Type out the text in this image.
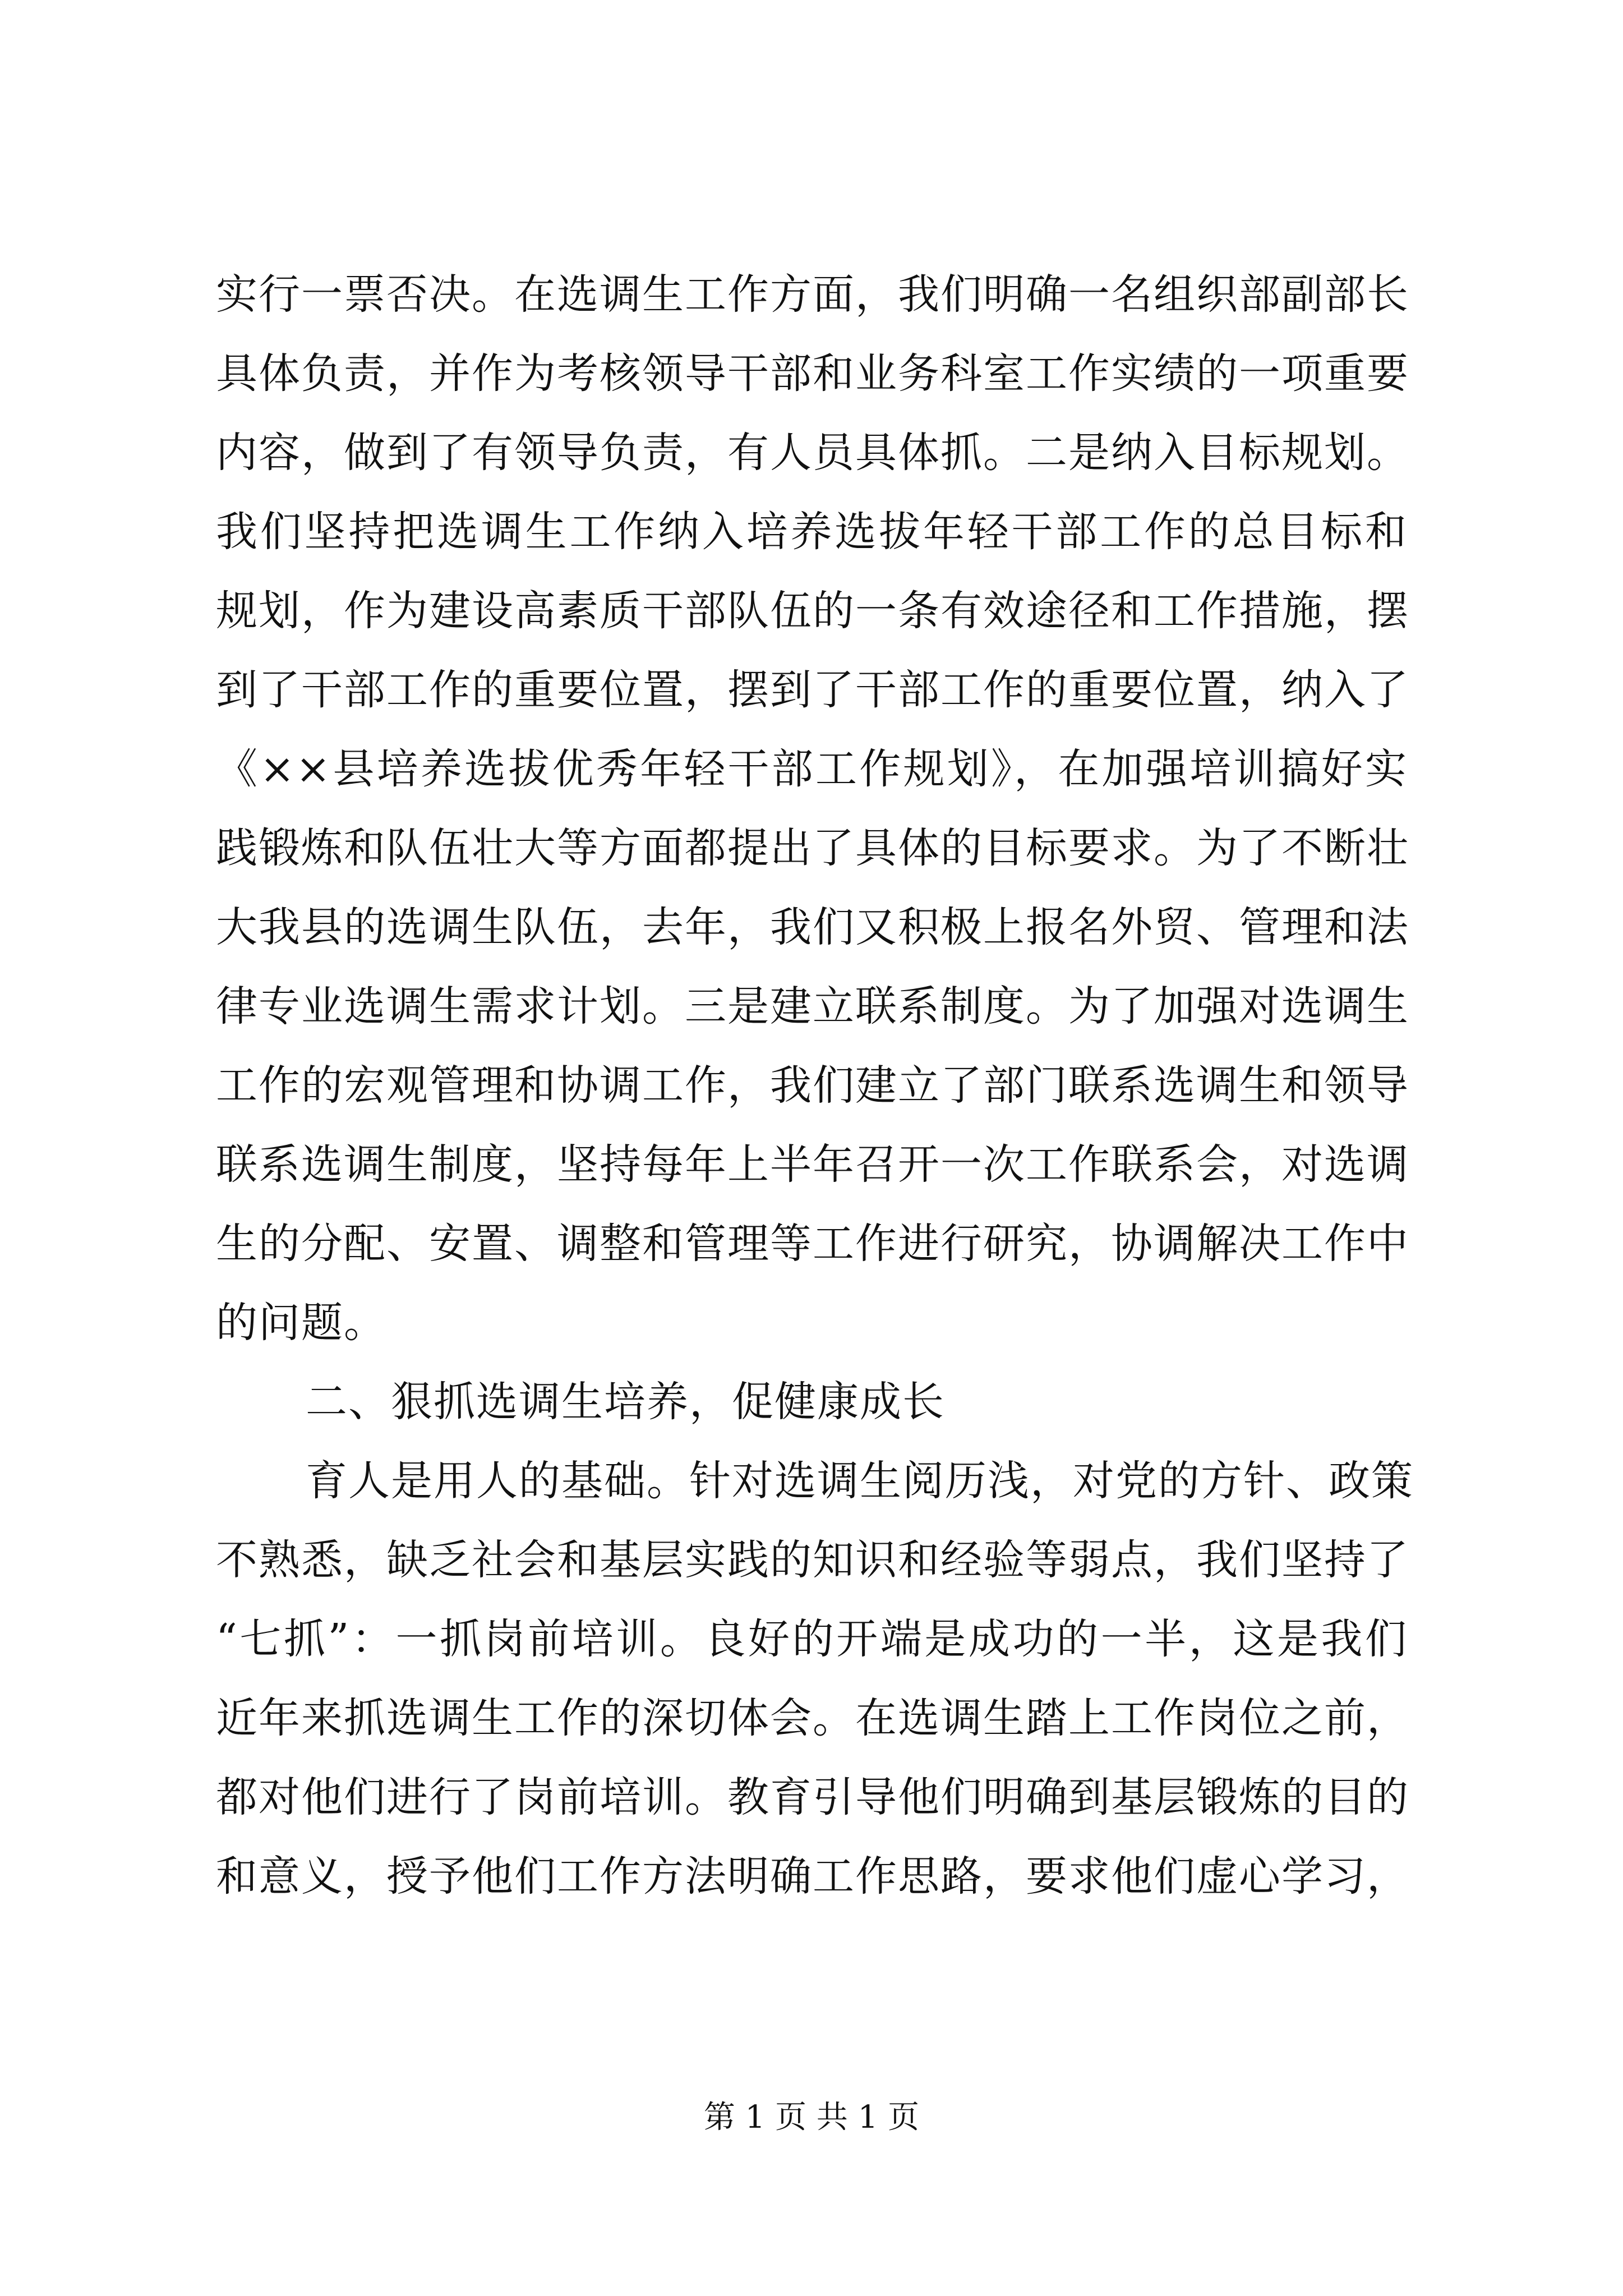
实行一票否决。在选调生工作方面，我们明确一名组织部副部长
具体负责，并作为考核领导干部和业务科室工作实绩的一项重要
内容，做到了有领导负责，有人员具体抓。二是纳入目标规划。
我们坚持把选调生工作纳入培养选拔年轻干部工作的总目标和
规划，作为建设高素质干部队伍的一条有效途径和工作措施，摆
到了干部工作的重要位置，摆到了干部工作的重要位置，纳入了
《××县培养选拔优秀年轻干部工作规划》，在加强培训搞好实
践锻炼和队伍壮大等方面都提出了具体的目标要求。为了不断壮
大我县的选调生队伍，去年，我们又积极上报名外贸、管理和法
律专业选调生需求计划。三是建立联系制度。为了加强对选调生
工作的宏观管理和协调工作，我们建立了部门联系选调生和领导
联系选调生制度，坚持每年上半年召开一次工作联系会，对选调
生的分配、安置、调整和管理等工作进行研究，协调解决工作中
的问题。
二、狠抓选调生培养，促健康成长
育人是用人的基础。针对选调生阅历浅，对党的方针、政策
不熟悉，缺乏社会和基层实践的知识和经验等弱点，我们坚持了
“七抓”：一抓岗前培训。良好的开端是成功的一半，这是我们
近年来抓选调生工作的深切体会。在选调生踏上工作岗位之前，
都对他们进行了岗前培训。教育引导他们明确到基层锻炼的目的
和意义，授予他们工作方法明确工作思路，要求他们虚心学习，
第 1 页 共 1 页
